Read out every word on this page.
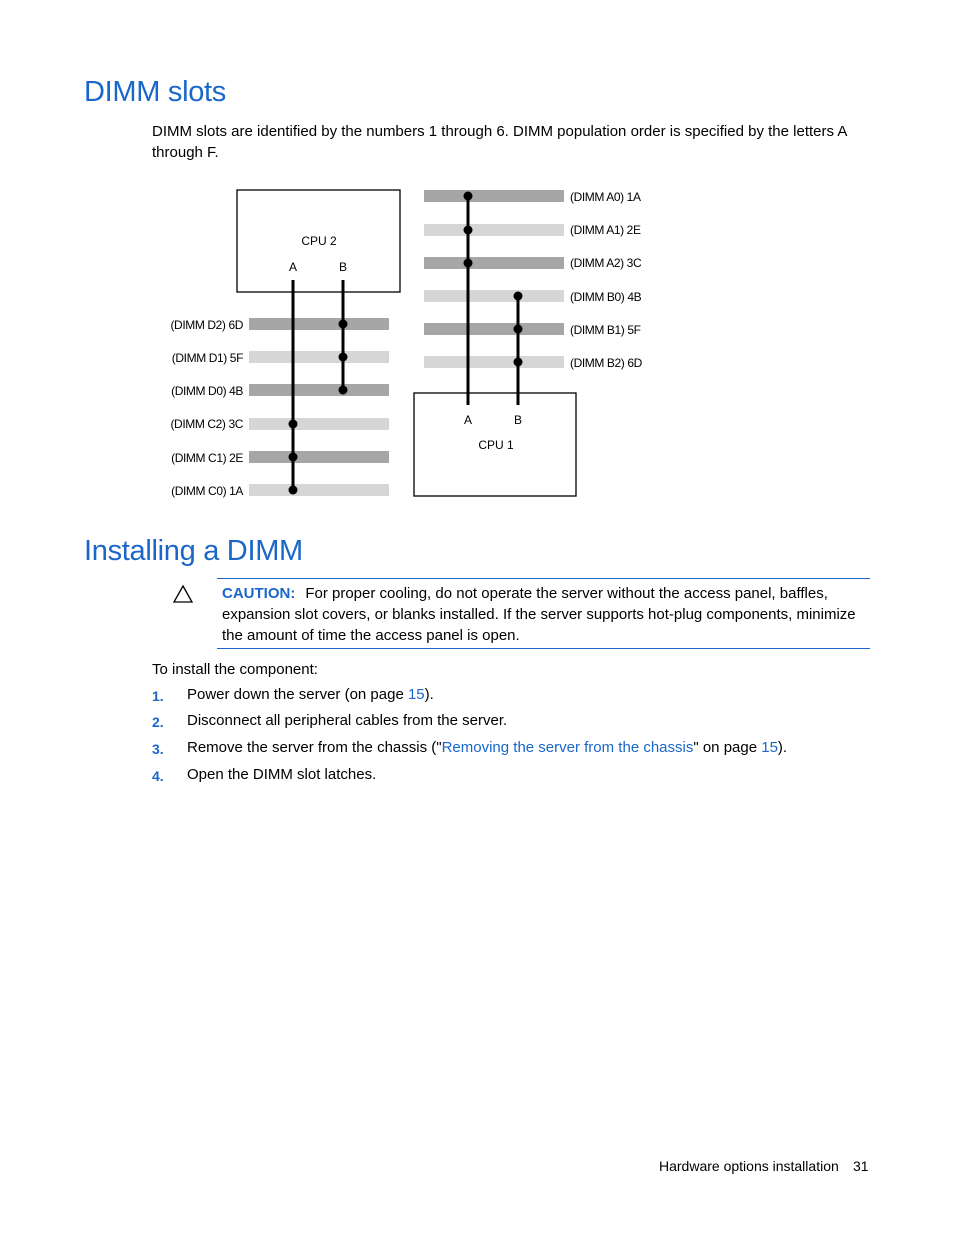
DIMM slots

DIMM slots are identified by the numbers 1 through 6. DIMM population order is specified by the letters A through F.

CPU 2
A	B
(DIMM D2) 6D
(DIMM D1) 5F
(DIMM D0) 4B
(DIMM C2) 3C
(DIMM C1) 2E
(DIMM C0) 1A
(DIMM A0) 1A
(DIMM A1) 2E
(DIMM A2) 3C
(DIMM B0) 4B
(DIMM B1) 5F
(DIMM B2) 6D
A	B
CPU 1
Installing a DIMM

CAUTION: For proper cooling, do not operate the server without the access panel, baffles, expansion slot covers, or blanks installed. If the server supports hot-plug components, minimize the amount of time the access panel is open.

To install the component:
1. Power down the server (on page 15).
2. Disconnect all peripheral cables from the server.
3. Remove the server from the chassis ("Removing the server from the chassis" on page 15).
4. Open the DIMM slot latches.
Hardware options installation 31
